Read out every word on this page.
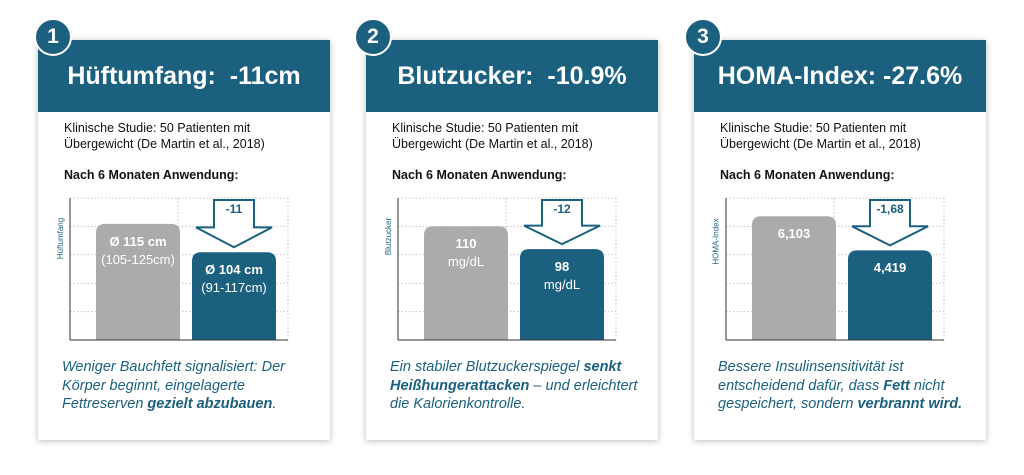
Hüftumfang:  -11cm
Klinische Studie: 50 Patienten mit
Übergewicht (De Martin et al., 2018)
Nach 6 Monaten Anwendung:
Hüftumfang
-11
Ø 115 cm
(105-125cm)
Ø 104 cm
(91-117cm)
Weniger Bauchfett signalisiert: Der Körper beginnt, eingelagerte Fettreserven gezielt abzubauen.
1
Blutzucker:  -10.9%
Klinische Studie: 50 Patienten mit
Übergewicht (De Martin et al., 2018)
Nach 6 Monaten Anwendung:
Blutzucker
-12
110
mg/dL	98
mg/dL
Ein stabiler Blutzuckerspiegel senkt Heißhungerattacken – und erleichtert die Kalorienkontrolle.
2
HOMA-Index: -27.6%
Klinische Studie: 50 Patienten mit
Übergewicht (De Martin et al., 2018)
Nach 6 Monaten Anwendung:
HOMA-Index
-1,68
6,103
4,419
Bessere Insulinsensitivität ist entscheidend dafür, dass Fett nicht gespeichert, sondern verbrannt wird.
3
